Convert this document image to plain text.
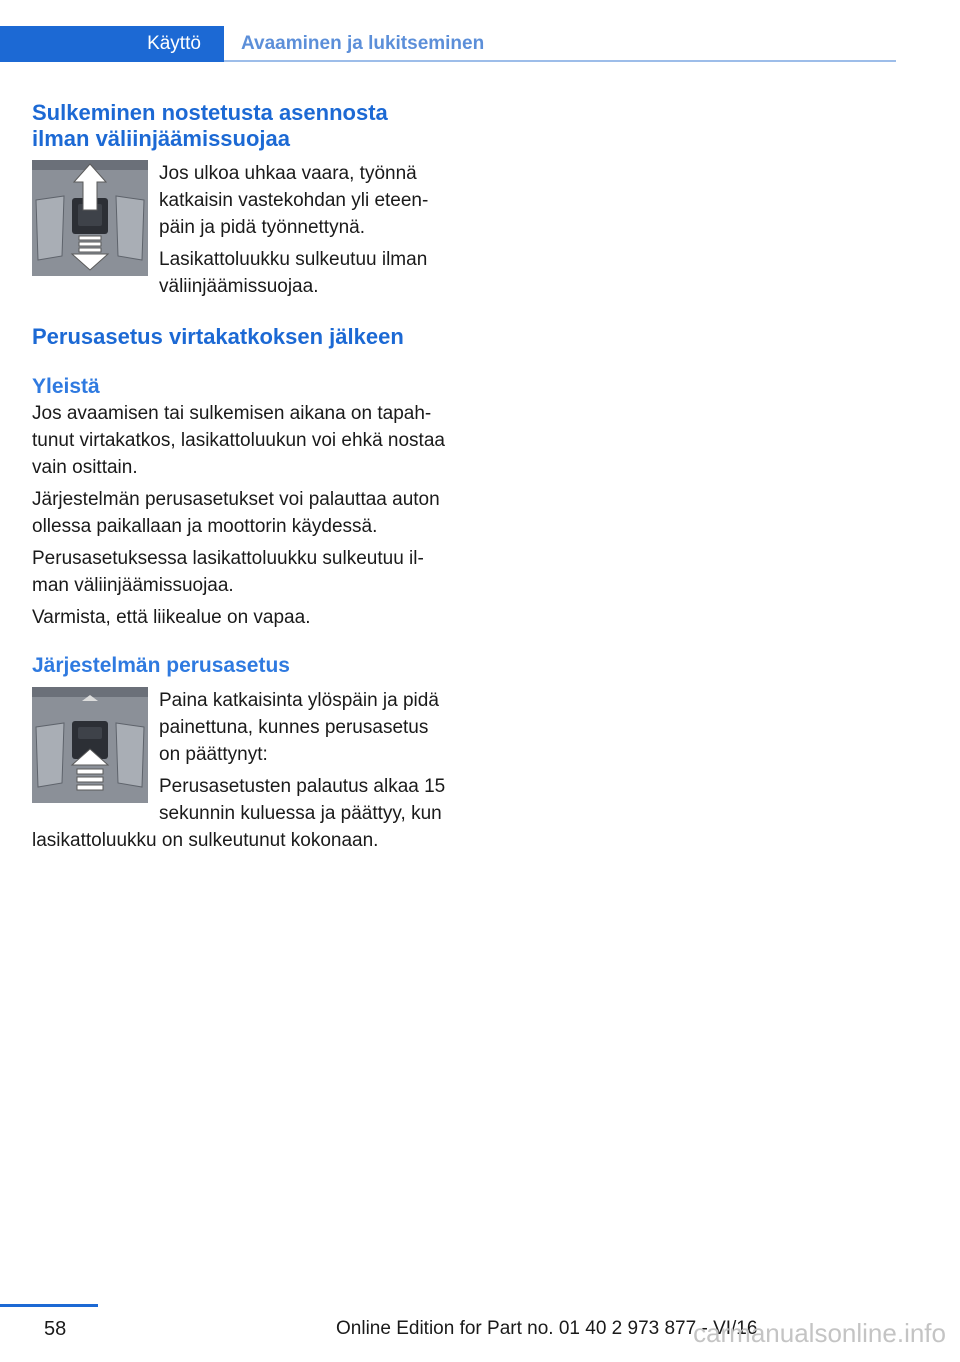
Käyttö	Avaaminen ja lukitseminen
Sulkeminen nostetusta asennosta ilman väliinjäämissuojaa

Jos ulkoa uhkaa vaara, työnnä katkaisin vastekohdan yli eteenpäin ja pidä työnnettynä.

Lasikattoluukku sulkeutuu ilman väliinjäämissuojaa.

Perusasetus virtakatkoksen jälkeen
Yleistä

Jos avaamisen tai sulkemisen aikana on tapahtunut virtakatkos, lasikattoluukun voi ehkä nostaa vain osittain.

Järjestelmän perusasetukset voi palauttaa auton ollessa paikallaan ja moottorin käydessä.

Perusasetuksessa lasikattoluukku sulkeutuu ilman väliinjäämissuojaa.

Varmista, että liikealue on vapaa.

Järjestelmän perusasetus

Paina katkaisinta ylöspäin ja pidä painettuna, kunnes perusasetus on päättynyt:

Perusasetusten palautus alkaa 15 sekunnin kuluessa ja päättyy, kun lasikattoluukku on sulkeutunut kokonaan.

58	Online Edition for Part no. 01 40 2 973 877 - VI/16
carmanualsonline.info
